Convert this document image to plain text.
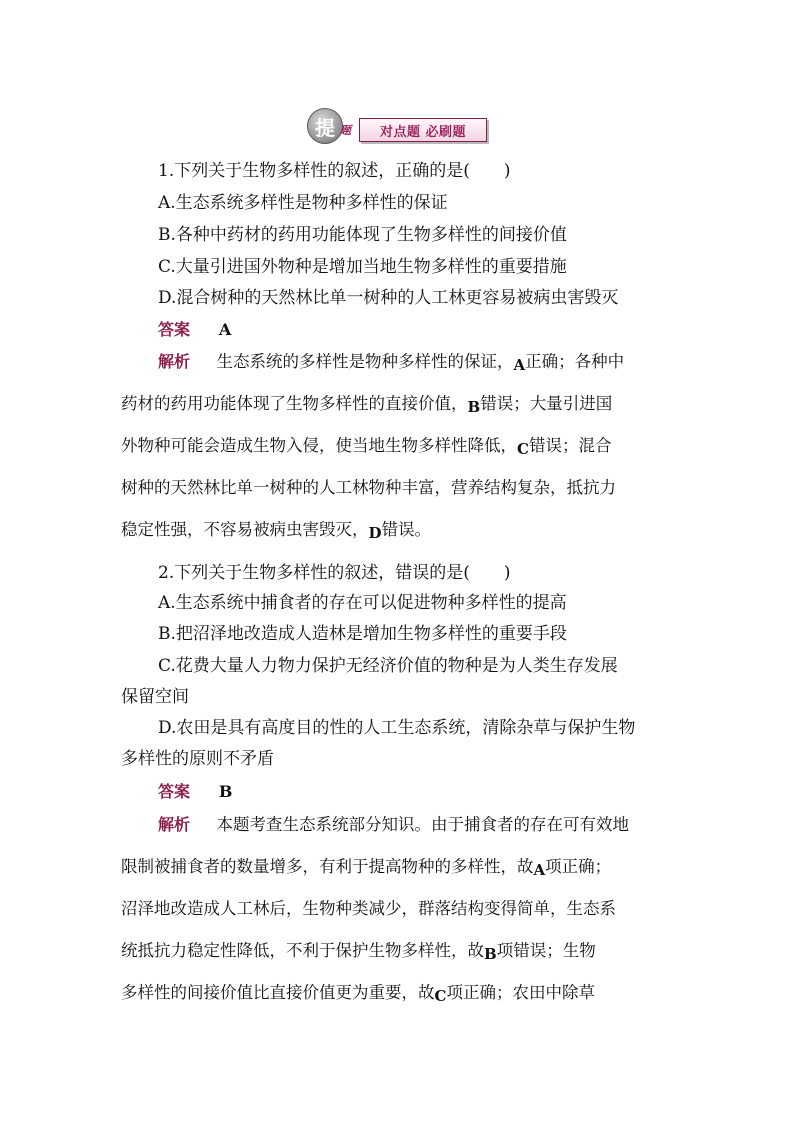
提 题	对点题 必刷题
1.下列关于生物多样性的叙述，正确的是(　　)
A.生态系统多样性是物种多样性的保证
B.各种中药材的药用功能体现了生物多样性的间接价值
C.大量引进国外物种是增加当地生物多样性的重要措施
D.混合树种的天然林比单一树种的人工林更容易被病虫害毁灭
答案 A
解析 生态系统的多样性是物种多样性的保证，A正确；各种中
药材的药用功能体现了生物多样性的直接价值，B错误；大量引进国
外物种可能会造成生物入侵，使当地生物多样性降低，C错误；混合
树种的天然林比单一树种的人工林物种丰富，营养结构复杂，抵抗力
稳定性强，不容易被病虫害毁灭，D错误。
2.下列关于生物多样性的叙述，错误的是(　　)
A.生态系统中捕食者的存在可以促进物种多样性的提高
B.把沼泽地改造成人造林是增加生物多样性的重要手段
C.花费大量人力物力保护无经济价值的物种是为人类生存发展
保留空间
D.农田是具有高度目的性的人工生态系统，清除杂草与保护生物
多样性的原则不矛盾
答案 B
解析 本题考查生态系统部分知识。由于捕食者的存在可有效地
限制被捕食者的数量增多，有利于提高物种的多样性，故A项正确；
沼泽地改造成人工林后，生物种类减少，群落结构变得简单，生态系
统抵抗力稳定性降低，不利于保护生物多样性，故B项错误；生物
多样性的间接价值比直接价值更为重要，故C项正确；农田中除草
